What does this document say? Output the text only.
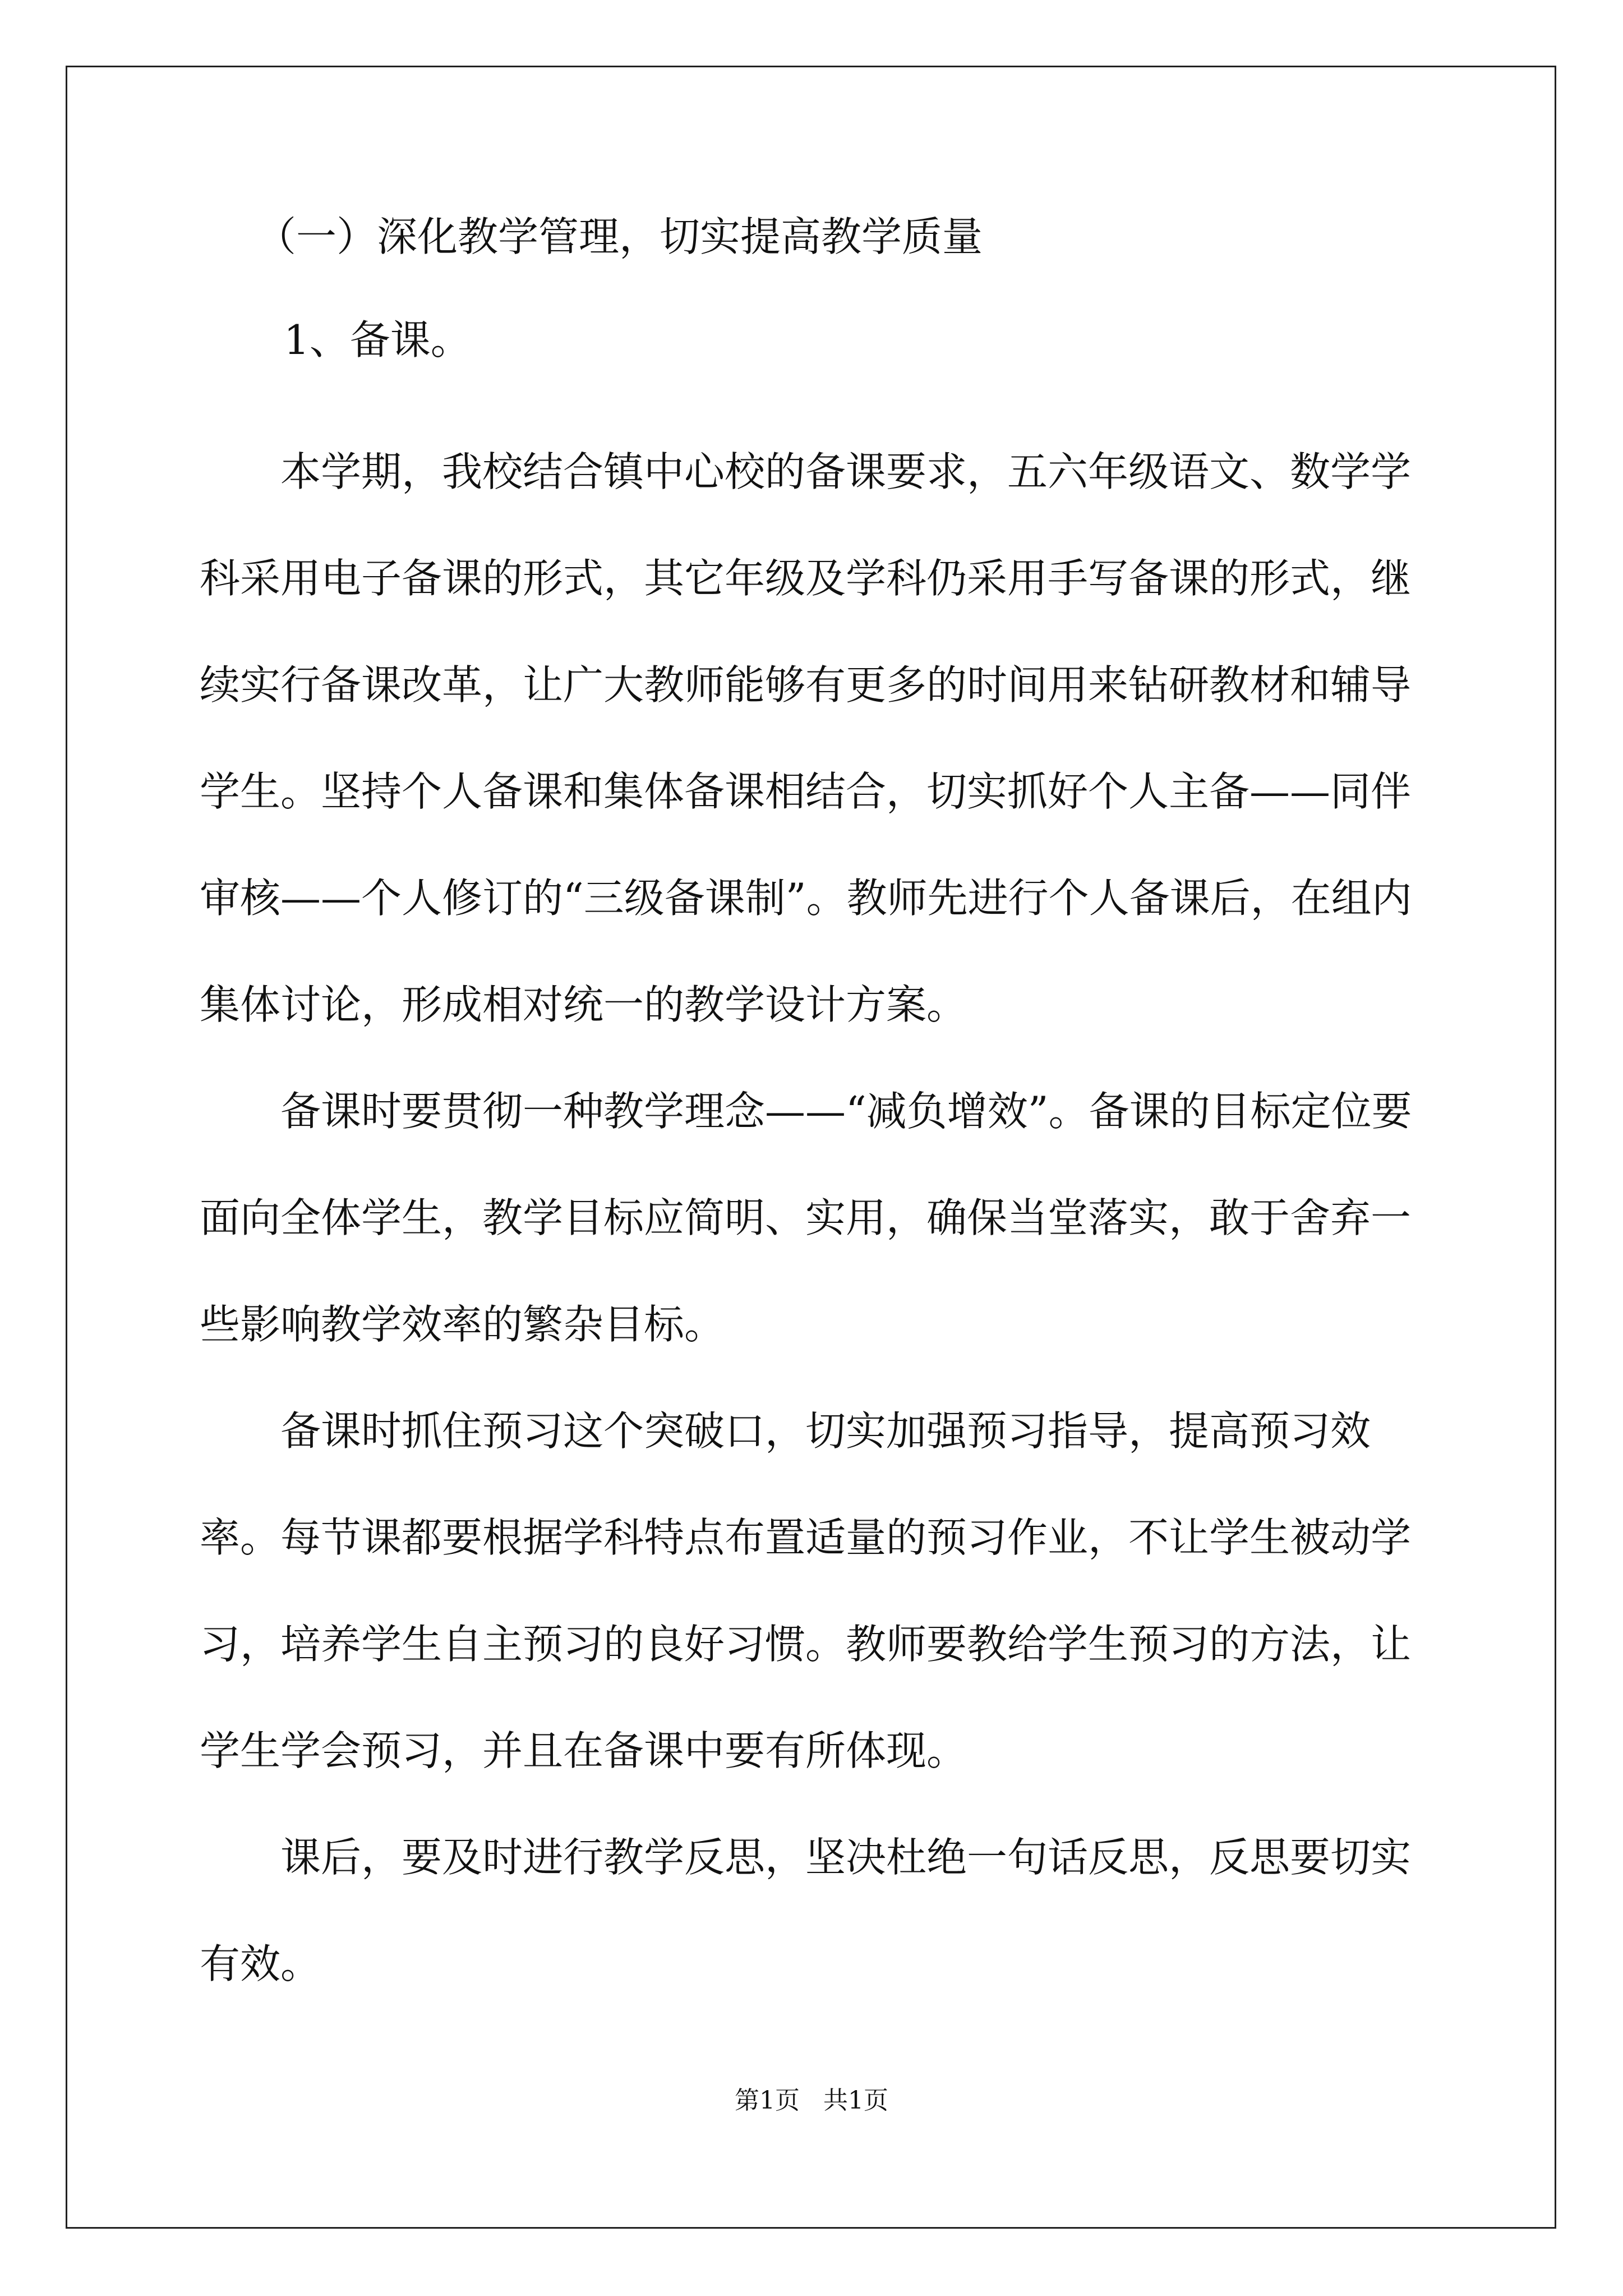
（一）深化教学管理，切实提高教学质量
1、备课。

本学期，我校结合镇中心校的备课要求，五六年级语文、数学学科采用电子备课的形式，其它年级及学科仍采用手写备课的形式，继续实行备课改革，让广大教师能够有更多的时间用来钻研教材和辅导学生。坚持个人备课和集体备课相结合，切实抓好个人主备——同伴审核——个人修订的“三级备课制”。教师先进行个人备课后，在组内集体讨论，形成相对统一的教学设计方案。

备课时要贯彻一种教学理念——“减负增效”。备课的目标定位要面向全体学生，教学目标应简明、实用，确保当堂落实，敢于舍弃一些影响教学效率的繁杂目标。

备课时抓住预习这个突破口，切实加强预习指导，提高预习效率。每节课都要根据学科特点布置适量的预习作业，不让学生被动学习，培养学生自主预习的良好习惯。教师要教给学生预习的方法，让学生学会预习，并且在备课中要有所体现。

课后，要及时进行教学反思，坚决杜绝一句话反思，反思要切实有效。

第1页   共1页
